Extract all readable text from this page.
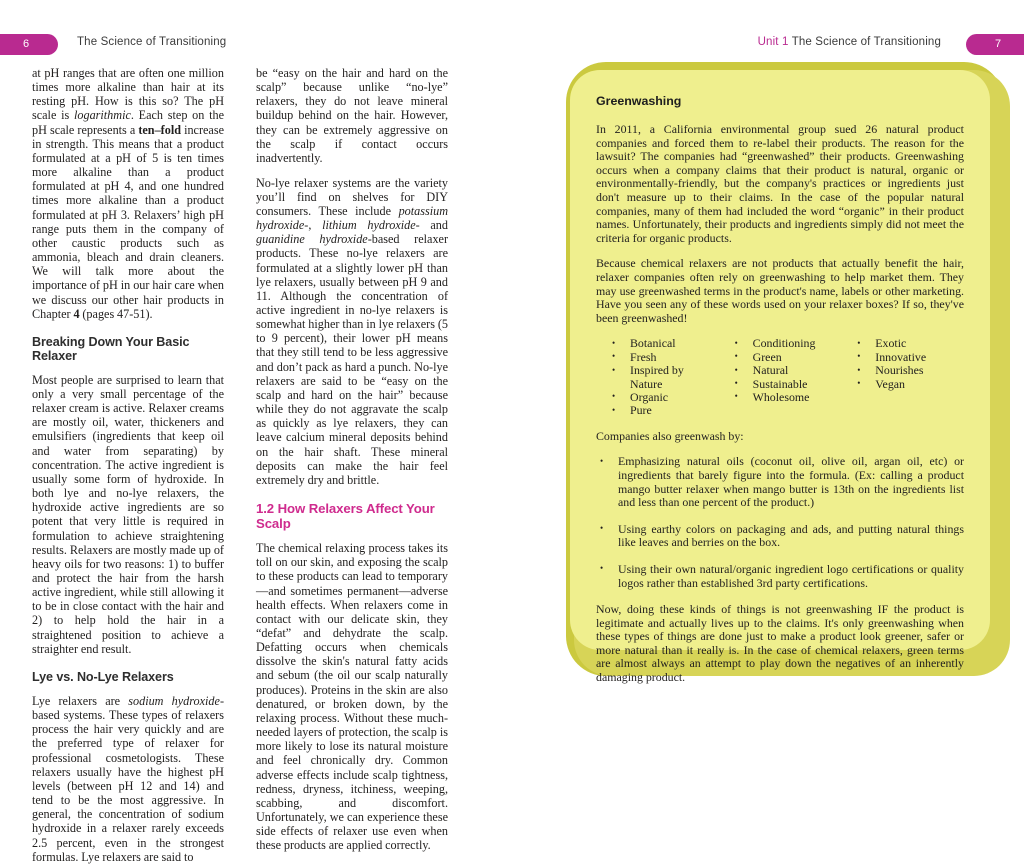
6	The Science of Transitioning	Unit 1 The Science of Transitioning	7

at pH ranges that are often one million times more alkaline than hair at its resting pH. How is this so? The pH scale is logarithmic. Each step on the pH scale represents a ten–fold increase in strength. This means that a product formulated at a pH of 5 is ten times more alkaline than a product formulated at pH 4, and one hundred times more alkaline than a product formulated at pH 3. Relaxers’ high pH range puts them in the company of other caustic products such as ammonia, bleach and drain cleaners. We will talk more about the importance of pH in our hair care when we discuss our other hair products in Chapter 4 (pages 47-51).

Breaking Down Your Basic Relaxer

Most people are surprised to learn that only a very small percentage of the relaxer cream is active. Relaxer creams are mostly oil, water, thickeners and emulsifiers (ingredients that keep oil and water from separating) by concentration. The active ingredient is usually some form of hydroxide. In both lye and no-lye relaxers, the hydroxide active ingredients are so potent that very little is required in formulation to achieve straightening results. Relaxers are mostly made up of heavy oils for two reasons: 1) to buffer and protect the hair from the harsh active ingredient, while still allowing it to be in close contact with the hair and 2) to help hold the hair in a straightened position to achieve a straighter end result.

Lye vs. No-Lye Relaxers

Lye relaxers are sodium hydroxide-based systems. These types of relaxers process the hair very quickly and are the preferred type of relaxer for professional cosmetologists. These relaxers usually have the highest pH levels (between pH 12 and 14) and tend to be the most aggressive. In general, the concentration of sodium hydroxide in a relaxer rarely exceeds 2.5 percent, even in the strongest formulas. Lye relaxers are said to

be “easy on the hair and hard on the scalp” because unlike “no-lye” relaxers, they do not leave mineral buildup behind on the hair. However, they can be extremely aggressive on the scalp if contact occurs inadvertently.

No-lye relaxer systems are the variety you’ll find on shelves for DIY consumers. These include potassium hydroxide-, lithium hydroxide- and guanidine hydroxide-based relaxer products. These no-lye relaxers are formulated at a slightly lower pH than lye relaxers, usually between pH 9 and 11. Although the concentration of active ingredient in no-lye relaxers is somewhat higher than in lye relaxers (5 to 9 percent), their lower pH means that they still tend to be less aggressive and don’t pack as hard a punch. No-lye relaxers are said to be “easy on the scalp and hard on the hair” because while they do not aggravate the scalp as quickly as lye relaxers, they can leave calcium mineral deposits behind on the hair shaft. These mineral deposits can make the hair feel extremely dry and brittle.

1.2 How Relaxers Affect Your Scalp

The chemical relaxing process takes its toll on our skin, and exposing the scalp to these products can lead to temporary—and sometimes permanent—adverse health effects. When relaxers come in contact with our delicate skin, they “defat” and dehydrate the scalp. Defatting occurs when chemicals dissolve the skin's natural fatty acids and sebum (the oil our scalp naturally produces). Proteins in the skin are also denatured, or broken down, by the relaxing process. Without these much-needed layers of protection, the scalp is more likely to lose its natural moisture and feel chronically dry. Common adverse effects include scalp tightness, redness, dryness, itchiness, weeping, scabbing, and discomfort. Unfortunately, we can experience these side effects of relaxer use even when these products are applied correctly.

Greenwashing

In 2011, a California environmental group sued 26 natural product companies and forced them to re-label their products. The reason for the lawsuit? The companies had “greenwashed” their products. Greenwashing occurs when a company claims that their product is natural, organic or environmentally-friendly, but the company's practices or ingredients just don't measure up to their claims. In the case of the popular natural companies, many of them had included the word “organic” in their product names. Unfortunately, their products and ingredients simply did not meet the criteria for organic products.

Because chemical relaxers are not products that actually benefit the hair, relaxer companies often rely on greenwashing to help market them. They may use greenwashed terms in the product's name, labels or other marketing. Have you seen any of these words used on your relaxer boxes? If so, they've been greenwashed!

• Botanical
• Fresh
• Inspired by Nature
• Organic
• Pure
• Conditioning
• Green
• Natural
• Sustainable
• Wholesome
• Exotic
• Innovative
• Nourishes
• Vegan

Companies also greenwash by:

• Emphasizing natural oils (coconut oil, olive oil, argan oil, etc) or ingredients that barely figure into the formula. (Ex: calling a product mango butter relaxer when mango butter is 13th on the ingredients list and less than one percent of the product.)

• Using earthy colors on packaging and ads, and putting natural things like leaves and berries on the box.

• Using their own natural/organic ingredient logo certifications or quality logos rather than established 3rd party certifications.

Now, doing these kinds of things is not greenwashing IF the product is legitimate and actually lives up to the claims. It's only greenwashing when these types of things are done just to make a product look greener, safer or more natural than it really is. In the case of chemical relaxers, green terms are almost always an attempt to play down the negatives of an inherently damaging product.
